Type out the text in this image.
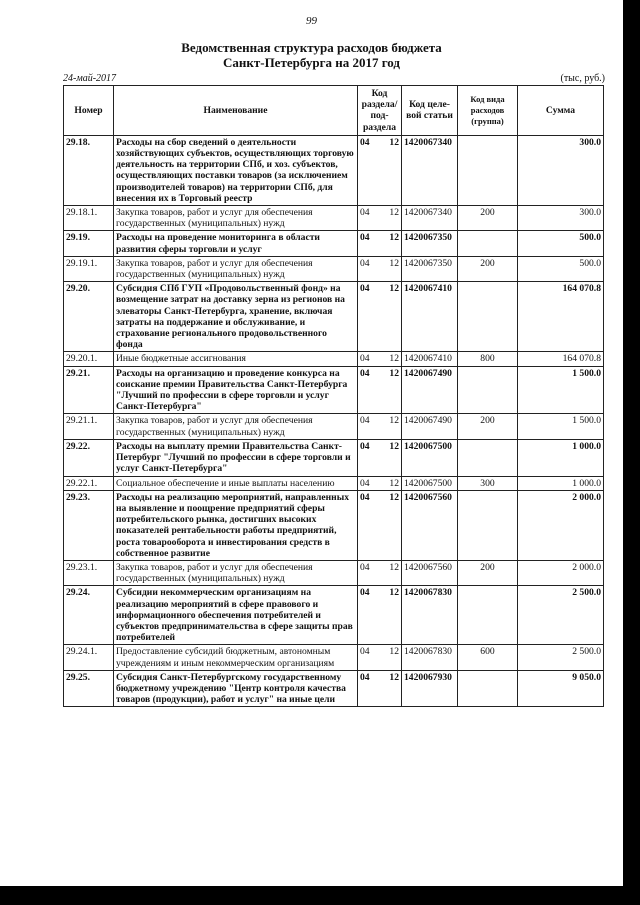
99
Ведомственная структура расходов бюджета
Санкт-Петербурга на 2017 год
24-май-2017	(тыс, руб.)
Номер	Наименование	Код раздела/ под- раздела	Код целе- вой статьи	Код вида расходов (группа)	Сумма
29.18.	Расходы на сбор сведений о деятельности хозяйствующих субъектов, осуществляющих торговую деятельность на территории СПб, и хоз. субъектов, осуществляющих поставки товаров (за исключением производителей товаров) на территории СПб, для внесения их в Торговый реестр	04 12	1420067340		300.0
29.18.1.	Закупка товаров, работ и услуг для обеспечения государственных (муниципальных) нужд	04 12	1420067340	200	300.0
29.19.	Расходы на проведение мониторинга в области развития сферы торговли и услуг	04 12	1420067350		500.0
29.19.1.	Закупка товаров, работ и услуг для обеспечения государственных (муниципальных) нужд	04 12	1420067350	200	500.0
29.20.	Субсидия СПб ГУП «Продовольственный фонд» на возмещение затрат на доставку зерна из регионов на элеваторы Санкт-Петербурга, хранение, включая затраты на поддержание и обслуживание, и страхование регионального продовольственного фонда	04 12	1420067410		164 070.8
29.20.1.	Иные бюджетные ассигнования	04 12	1420067410	800	164 070.8
29.21.	Расходы на организацию и проведение конкурса на соискание премии Правительства Санкт-Петербурга "Лучший по профессии в сфере торговли и услуг Санкт-Петербурга"	04 12	1420067490		1 500.0
29.21.1.	Закупка товаров, работ и услуг для обеспечения государственных (муниципальных) нужд	04 12	1420067490	200	1 500.0
29.22.	Расходы на выплату премии Правительства Санкт-Петербург "Лучший по профессии в сфере торговли и услуг Санкт-Петербурга"	04 12	1420067500		1 000.0
29.22.1.	Социальное обеспечение и иные выплаты населению	04 12	1420067500	300	1 000.0
29.23.	Расходы на реализацию мероприятий, направленных на выявление и поощрение предприятий сферы потребительского рынка, достигших высоких показателей рентабельности работы предприятий, роста товарооборота и инвестирования средств в собственное развитие	04 12	1420067560		2 000.0
29.23.1.	Закупка товаров, работ и услуг для обеспечения государственных (муниципальных) нужд	04 12	1420067560	200	2 000.0
29.24.	Субсидии некоммерческим организациям на реализацию мероприятий в сфере правового и информационного обеспечения потребителей и субъектов предпринимательства в сфере защиты прав потребителей	04 12	1420067830		2 500.0
29.24.1.	Предоставление субсидий бюджетным, автономным учреждениям и иным некоммерческим организациям	04 12	1420067830	600	2 500.0
29.25.	Субсидия Санкт-Петербургскому государственному бюджетному учреждению "Центр контроля качества товаров (продукции), работ и услуг" на иные цели	04 12	1420067930		9 050.0
